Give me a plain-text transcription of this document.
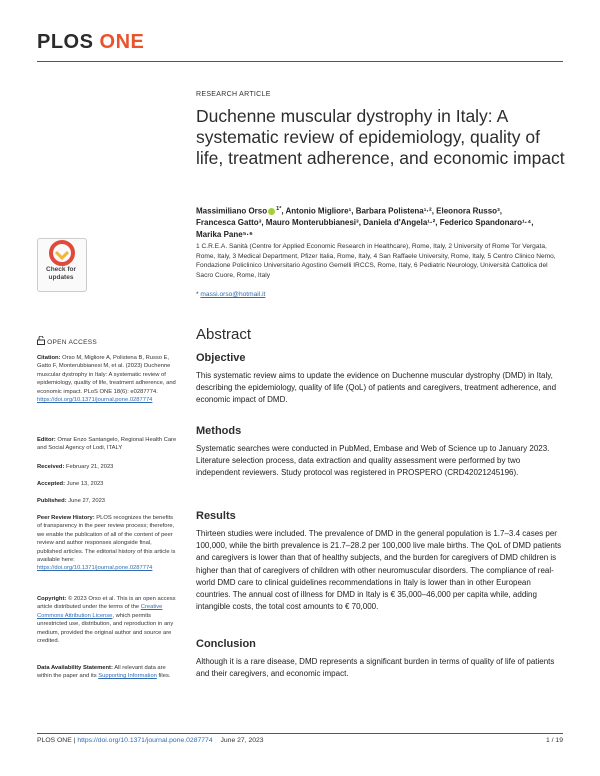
PLOS ONE
RESEARCH ARTICLE
Duchenne muscular dystrophy in Italy: A systematic review of epidemiology, quality of life, treatment adherence, and economic impact
Massimiliano Orso $^{1*}$, Antonio Migliore¹, Barbara Polistena¹·², Eleonora Russo³,
Francesca Gatto³, Mauro Monterubbianesi³, Daniela d'Angela¹·², Federico Spandonaro¹·⁴,
Marika Pane⁵·⁶
1 C.R.E.A. Sanità (Centre for Applied Economic Research in Healthcare), Rome, Italy, 2 University of Rome Tor Vergata, Rome, Italy, 3 Medical Department, Pfizer Italia, Rome, Italy, 4 San Raffaele University, Rome, Italy, 5 Centro Clinico Nemo, Fondazione Policlinico Universitario Agostino Gemelli IRCCS, Rome, Italy, 6 Pediatric Neurology, Università Cattolica del Sacro Cuore, Rome, Italy
* massi.orso@hotmail.it
Abstract
Objective
This systematic review aims to update the evidence on Duchenne muscular dystrophy (DMD) in Italy, describing the epidemiology, quality of life (QoL) of patients and caregivers, treatment adherence, and economic impact of DMD.
Methods
Systematic searches were conducted in PubMed, Embase and Web of Science up to January 2023. Literature selection process, data extraction and quality assessment were performed by two independent reviewers. Study protocol was registered in PROSPERO (CRD42021245196).
Results
Thirteen studies were included. The prevalence of DMD in the general population is 1.7–3.4 cases per 100,000, while the birth prevalence is 21.7–28.2 per 100,000 live male births. The QoL of DMD patients and caregivers is lower than that of healthy subjects, and the burden for caregivers of DMD children is higher than that of caregivers of children with other neuromuscular disorders. The compliance of real-world DMD care to clinical guidelines recommendations in Italy is lower than in other European countries. The annual cost of illness for DMD in Italy is € 35,000–46,000 per capita while, adding intangible costs, the total cost amounts to € 70,000.
Conclusion
Although it is a rare disease, DMD represents a significant burden in terms of quality of life of patients and their caregivers, and economic impact.
Check for
updates
OPEN ACCESS
Citation: Orso M, Migliore A, Polistena B, Russo E, Gatto F, Monterubbianesi M, et al. (2023) Duchenne muscular dystrophy in Italy: A systematic review of epidemiology, quality of life, treatment adherence, and economic impact. PLoS ONE 18(6): e0287774. https://doi.org/10.1371/journal.pone.0287774
Editor: Omar Enzo Santangelo, Regional Health Care and Social Agency of Lodi, ITALY
Received: February 21, 2023
Accepted: June 13, 2023
Published: June 27, 2023
Peer Review History: PLOS recognizes the benefits of transparency in the peer review process; therefore, we enable the publication of all of the content of peer review and author responses alongside final, published articles. The editorial history of this article is available here: https://doi.org/10.1371/journal.pone.0287774
Copyright: © 2023 Orso et al. This is an open access article distributed under the terms of the Creative Commons Attribution License, which permits unrestricted use, distribution, and reproduction in any medium, provided the original author and source are credited.
Data Availability Statement: All relevant data are within the paper and its Supporting Information files.
PLOS ONE | https://doi.org/10.1371/journal.pone.0287774 June 27, 2023	1 / 19
